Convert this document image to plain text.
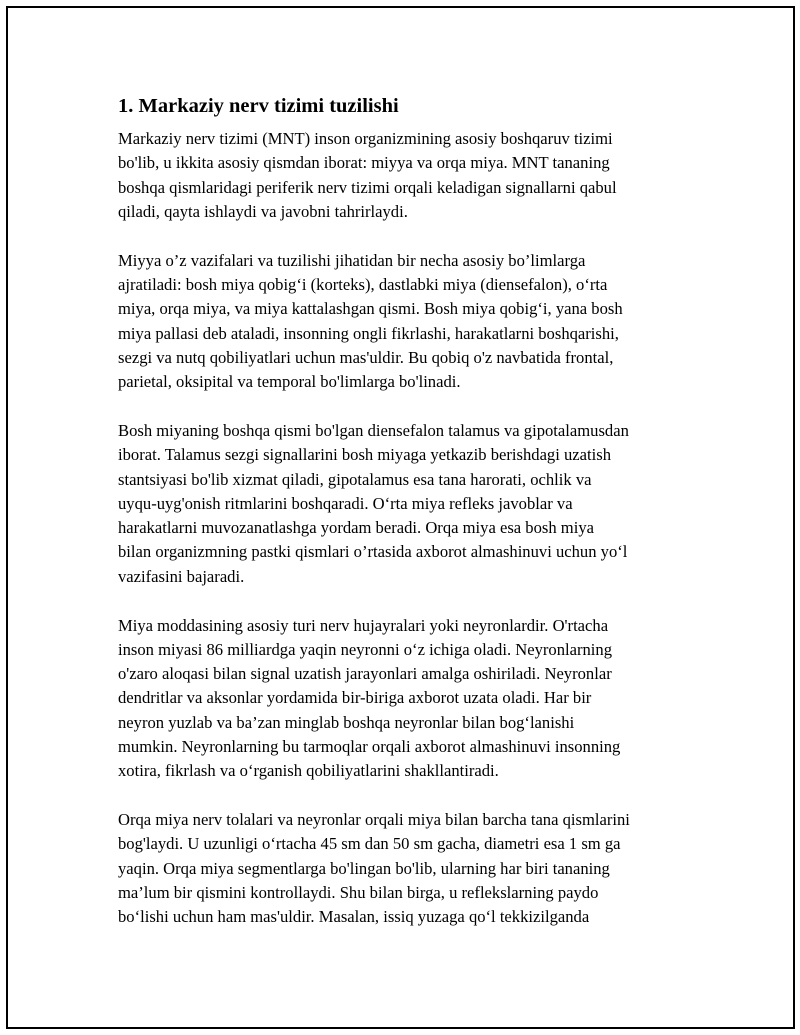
1. Markaziy nerv tizimi tuzilishi

Markaziy nerv tizimi (MNT) inson organizmining asosiy boshqaruv tizimi
bo'lib, u ikkita asosiy qismdan iborat: miyya va orqa miya. MNT tananing
boshqa qismlaridagi periferik nerv tizimi orqali keladigan signallarni qabul
qiladi, qayta ishlaydi va javobni tahrirlaydi.

Miyya o’z vazifalari va tuzilishi jihatidan bir necha asosiy bo’limlarga
ajratiladi: bosh miya qobig‘i (korteks), dastlabki miya (diensefalon), o‘rta
miya, orqa miya, va miya kattalashgan qismi. Bosh miya qobig‘i, yana bosh
miya pallasi deb ataladi, insonning ongli fikrlashi, harakatlarni boshqarishi,
sezgi va nutq qobiliyatlari uchun mas'uldir. Bu qobiq o'z navbatida frontal,
parietal, oksipital va temporal bo'limlarga bo'linadi.

Bosh miyaning boshqa qismi bo'lgan diensefalon talamus va gipotalamusdan
iborat. Talamus sezgi signallarini bosh miyaga yetkazib berishdagi uzatish
stantsiyasi bo'lib xizmat qiladi, gipotalamus esa tana harorati, ochlik va
uyqu-uyg'onish ritmlarini boshqaradi. O‘rta miya refleks javoblar va
harakatlarni muvozanatlashga yordam beradi. Orqa miya esa bosh miya
bilan organizmning pastki qismlari o’rtasida axborot almashinuvi uchun yo‘l
vazifasini bajaradi.

Miya moddasining asosiy turi nerv hujayralari yoki neyronlardir. O'rtacha
inson miyasi 86 milliardga yaqin neyronni o‘z ichiga oladi. Neyronlarning
o'zaro aloqasi bilan signal uzatish jarayonlari amalga oshiriladi. Neyronlar
dendritlar va aksonlar yordamida bir-biriga axborot uzata oladi. Har bir
neyron yuzlab va ba’zan minglab boshqa neyronlar bilan bog‘lanishi
mumkin. Neyronlarning bu tarmoqlar orqali axborot almashinuvi insonning
xotira, fikrlash va o‘rganish qobiliyatlarini shakllantiradi.

Orqa miya nerv tolalari va neyronlar orqali miya bilan barcha tana qismlarini
bog'laydi. U uzunligi o‘rtacha 45 sm dan 50 sm gacha, diametri esa 1 sm ga
yaqin. Orqa miya segmentlarga bo'lingan bo'lib, ularning har biri tananing
ma’lum bir qismini kontrollaydi. Shu bilan birga, u reflekslarning paydo
bo‘lishi uchun ham mas'uldir. Masalan, issiq yuzaga qo‘l tekkizilganda
